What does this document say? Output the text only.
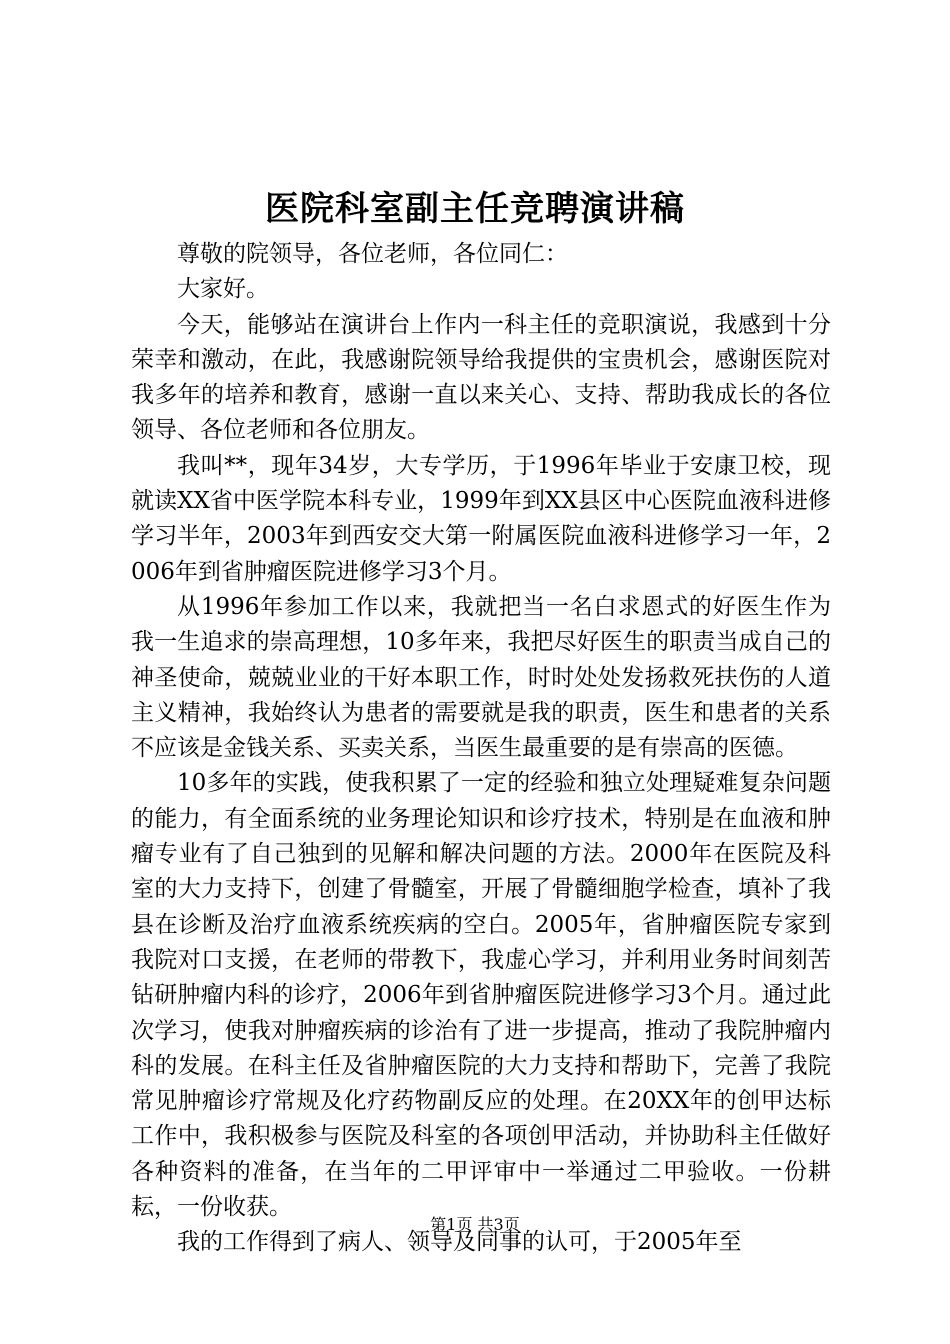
医院科室副主任竞聘演讲稿

尊敬的院领导，各位老师，各位同仁：

大家好。

今天，能够站在演讲台上作内一科主任的竞职演说，我感到十分荣幸和激动，在此，我感谢院领导给我提供的宝贵机会，感谢医院对我多年的培养和教育，感谢一直以来关心、支持、帮助我成长的各位领导、各位老师和各位朋友。

我叫**，现年34岁，大专学历，于1996年毕业于安康卫校，现就读XX省中医学院本科专业，1999年到XX县区中心医院血液科进修学习半年，2003年到西安交大第一附属医院血液科进修学习一年，2006年到省肿瘤医院进修学习3个月。

从1996年参加工作以来，我就把当一名白求恩式的好医生作为我一生追求的崇高理想，10多年来，我把尽好医生的职责当成自己的神圣使命，兢兢业业的干好本职工作，时时处处发扬救死扶伤的人道主义精神，我始终认为患者的需要就是我的职责，医生和患者的关系不应该是金钱关系、买卖关系，当医生最重要的是有崇高的医德。

10多年的实践，使我积累了一定的经验和独立处理疑难复杂问题的能力，有全面系统的业务理论知识和诊疗技术，特别是在血液和肿瘤专业有了自己独到的见解和解决问题的方法。2000年在医院及科室的大力支持下，创建了骨髓室，开展了骨髓细胞学检查，填补了我县在诊断及治疗血液系统疾病的空白。2005年，省肿瘤医院专家到我院对口支援，在老师的带教下，我虚心学习，并利用业务时间刻苦钻研肿瘤内科的诊疗，2006年到省肿瘤医院进修学习3个月。通过此次学习，使我对肿瘤疾病的诊治有了进一步提高，推动了我院肿瘤内科的发展。在科主任及省肿瘤医院的大力支持和帮助下，完善了我院常见肿瘤诊疗常规及化疗药物副反应的处理。在20XX年的创甲达标工作中，我积极参与医院及科室的各项创甲活动，并协助科主任做好各种资料的准备，在当年的二甲评审中一举通过二甲验收。一份耕耘，一份收获。

我的工作得到了病人、领导及同事的认可，于2005年至

第1页 共3页
